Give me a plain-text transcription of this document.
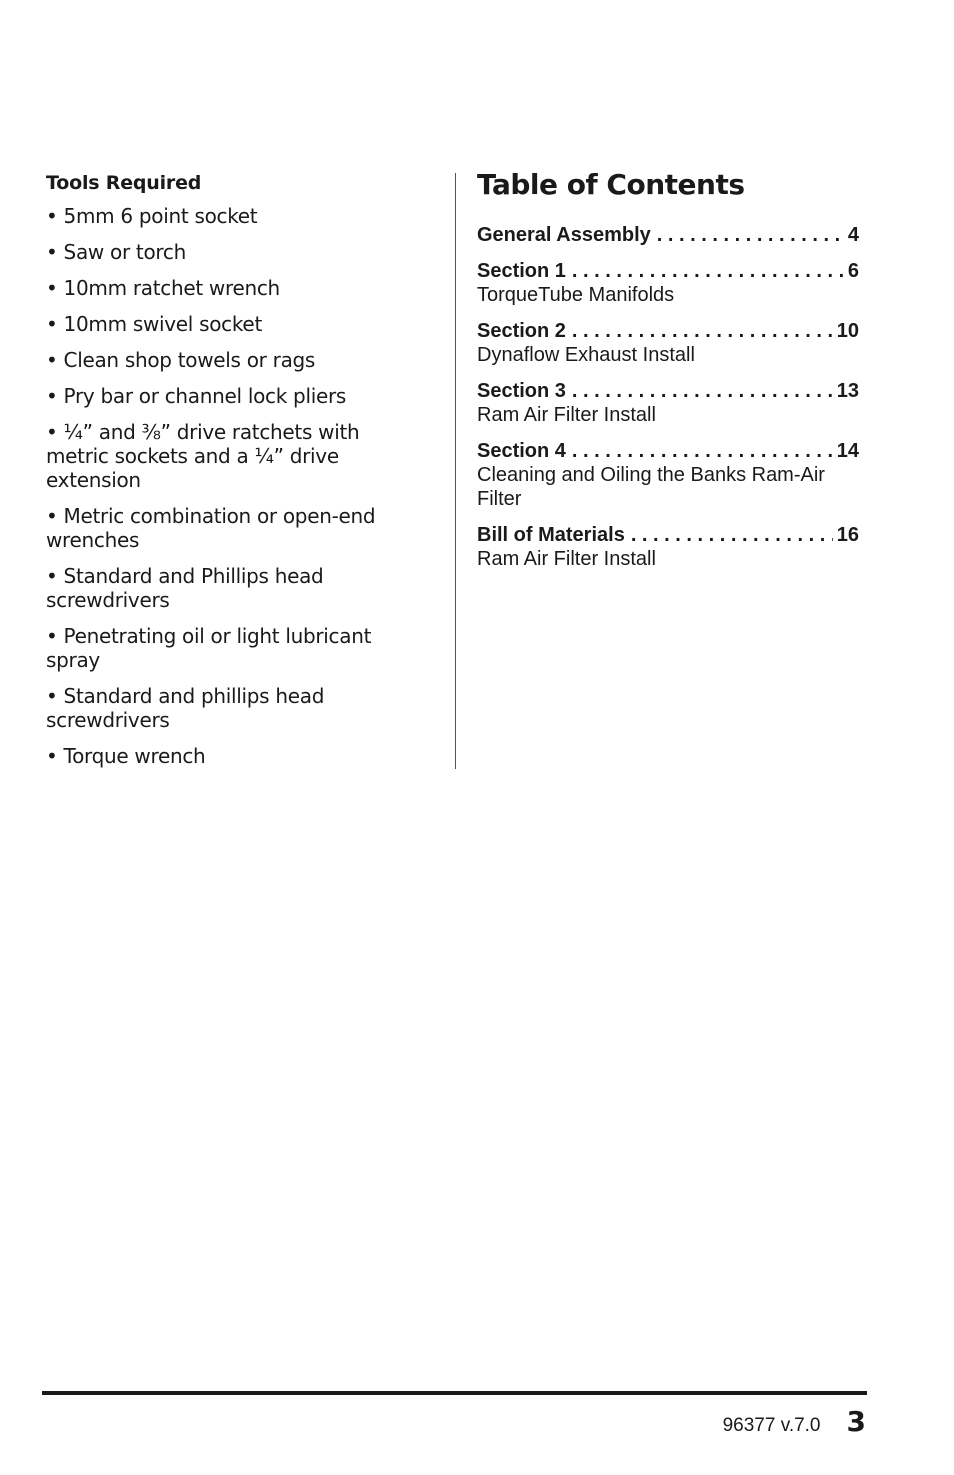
Tools Required
• 5mm 6 point socket
• Saw or torch
• 10mm ratchet wrench
• 10mm swivel socket
• Clean shop towels or rags
• Pry bar or channel lock pliers
• ¼” and ⅜” drive ratchets with metric sockets and a ¼” drive extension
• Metric combination or open-end wrenches
• Standard and Phillips head screwdrivers
• Penetrating oil or light lubricant spray
• Standard and phillips head screwdrivers
• Torque wrench
Table of Contents
General Assembly . . .	4
Section 1 . . .	6
TorqueTube Manifolds
Section 2 . . .	10
Dynaflow Exhaust Install
Section 3 . . .	13
Ram Air Filter Install
Section 4 . . .	14
Cleaning and Oiling the Banks Ram-Air Filter
Bill of Materials . . .	16
Ram Air Filter Install
96377 v.7.0 3
